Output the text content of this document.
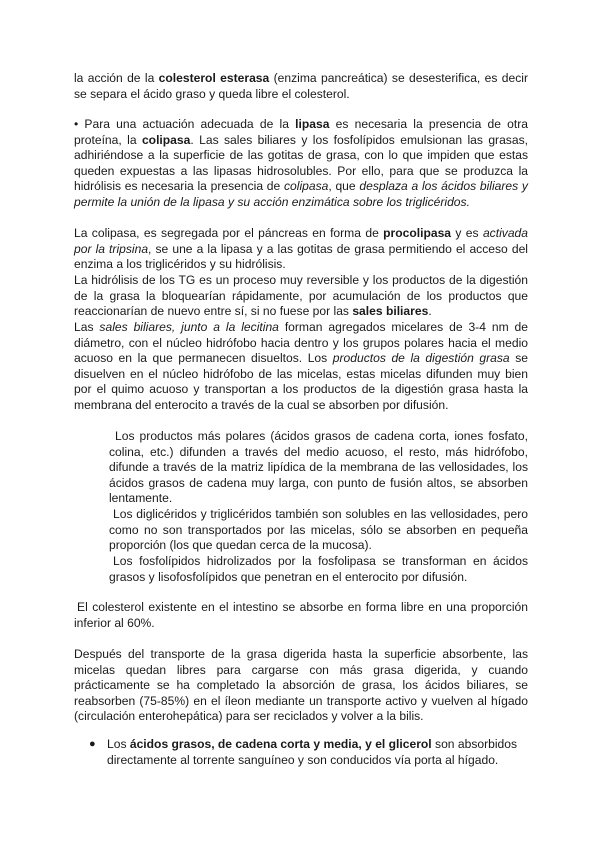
la acción de la colesterol esterasa (enzima pancreática) se desesterifica, es decir se separa el ácido graso y queda libre el colesterol.

• Para una actuación adecuada de la lipasa es necesaria la presencia de otra proteína, la colipasa. Las sales biliares y los fosfolípidos emulsionan las grasas, adhiriéndose a la superficie de las gotitas de grasa, con lo que impiden que estas queden expuestas a las lipasas hidrosolubles. Por ello, para que se produzca la hidrólisis es necesaria la presencia de colipasa, que desplaza a los ácidos biliares y permite la unión de la lipasa y su acción enzimática sobre los triglicéridos.

La colipasa, es segregada por el páncreas en forma de procolipasa y es activada por la tripsina, se une a la lipasa y a las gotitas de grasa permitiendo el acceso del enzima a los triglicéridos y su hidrólisis.

La hidrólisis de los TG es un proceso muy reversible y los productos de la digestión de la grasa la bloquearían rápidamente, por acumulación de los productos que reaccionarían de nuevo entre sí, si no fuese por las sales biliares.

Las sales biliares, junto a la lecitina forman agregados micelares de 3-4 nm de diámetro, con el núcleo hidrófobo hacia dentro y los grupos polares hacia el medio acuoso en la que permanecen disueltos. Los productos de la digestión grasa se disuelven en el núcleo hidrófobo de las micelas, estas micelas difunden muy bien por el quimo acuoso y transportan a los productos de la digestión grasa hasta la membrana del enterocito a través de la cual se absorben por difusión.

Los productos más polares (ácidos grasos de cadena corta, iones fosfato, colina, etc.) difunden a través del medio acuoso, el resto, más hidrófobo, difunde a través de la matriz lipídica de la membrana de las vellosidades, los ácidos grasos de cadena muy larga, con punto de fusión altos, se absorben lentamente.

Los diglicéridos y triglicéridos también son solubles en las vellosidades, pero como no son transportados por las micelas, sólo se absorben en pequeña proporción (los que quedan cerca de la mucosa).

Los fosfolípidos hidrolizados por la fosfolipasa se transforman en ácidos grasos y lisofosfolípidos que penetran en el enterocito por difusión.

El colesterol existente en el intestino se absorbe en forma libre en una proporción inferior al 60%.

Después del transporte de la grasa digerida hasta la superficie absorbente, las micelas quedan libres para cargarse con más grasa digerida, y cuando prácticamente se ha completado la absorción de grasa, los ácidos biliares, se reabsorben (75-85%) en el íleon mediante un transporte activo y vuelven al hígado (circulación enterohepática) para ser reciclados y volver a la bilis.

● Los ácidos grasos, de cadena corta y media, y el glicerol son absorbidos directamente al torrente sanguíneo y son conducidos vía porta al hígado.
